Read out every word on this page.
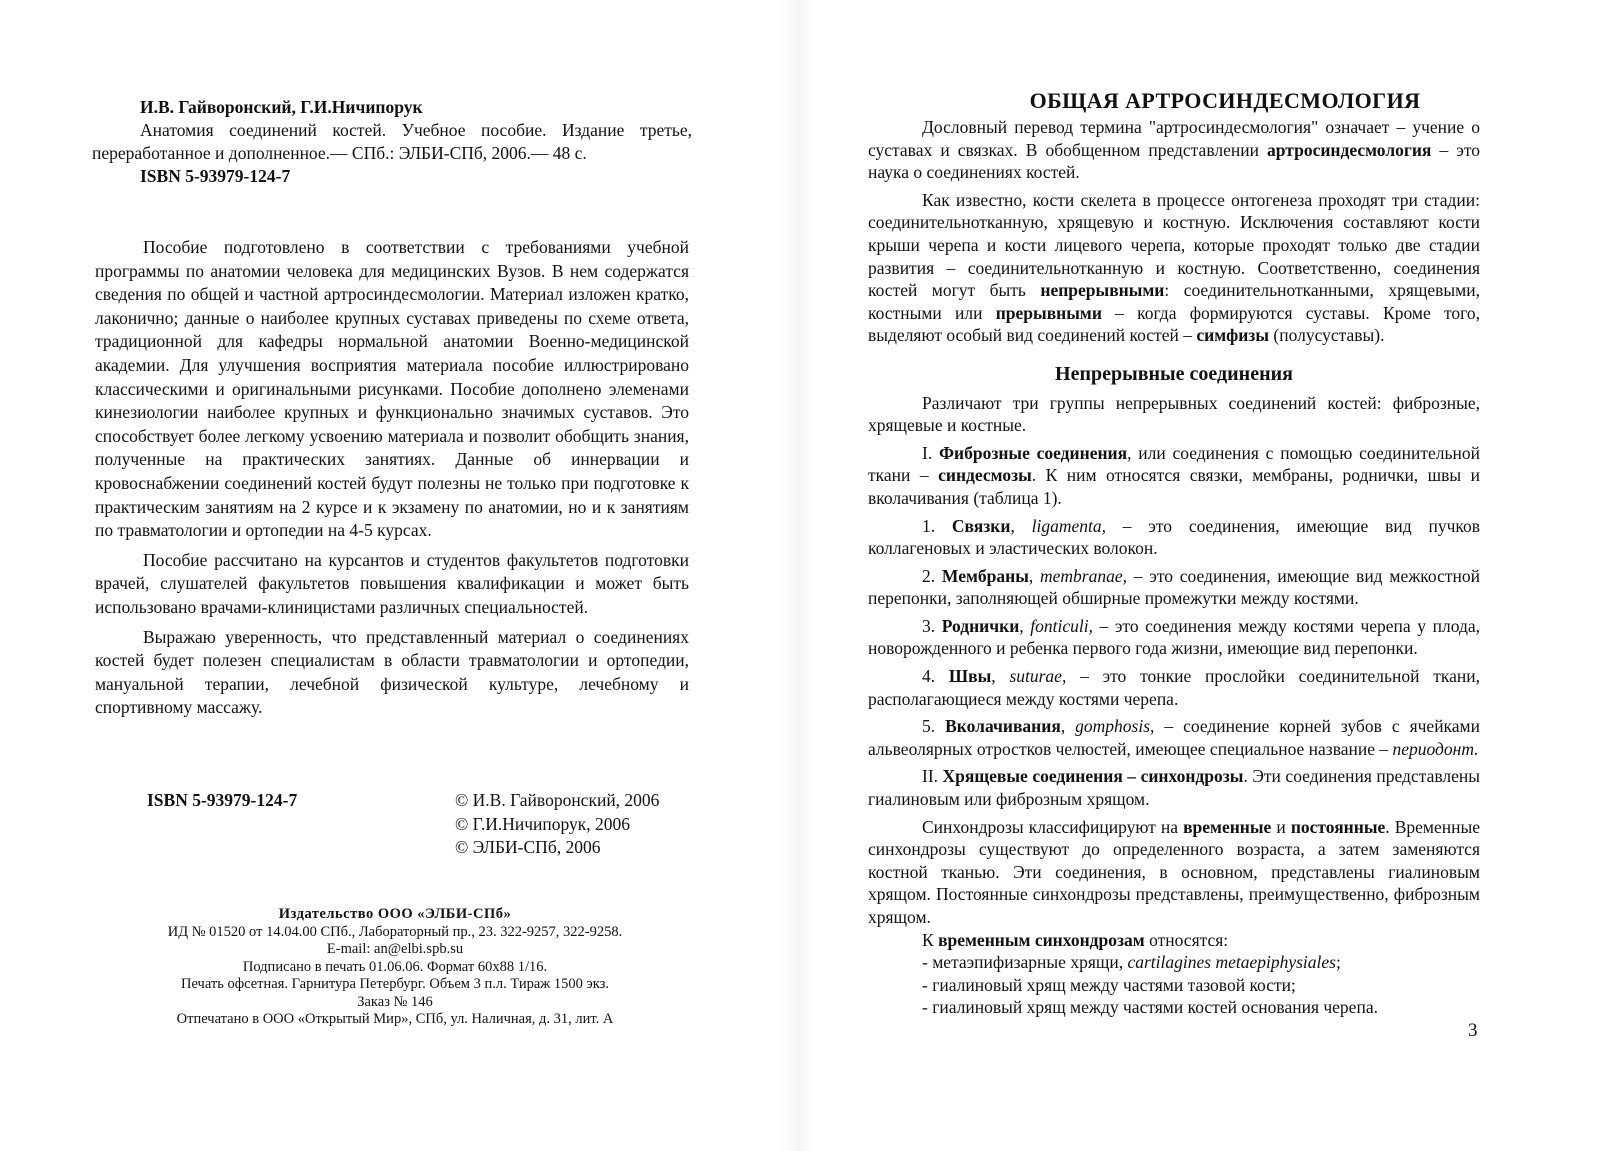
И.В. Гайворонский, Г.И.Ничипорук
Анатомия соединений костей. Учебное пособие. Издание третье, переработанное и дополненное.— СПб.: ЭЛБИ-СПб, 2006.— 48 с.
ISBN 5-93979-124-7

Пособие подготовлено в соответствии с требованиями учебной программы по анатомии человека для медицинских Вузов. В нем содержатся сведения по общей и частной артросиндесмологии. Материал изложен кратко, лаконично; данные о наиболее крупных суставах приведены по схеме ответа, традиционной для кафедры нормальной анатомии Военно-медицинской академии. Для улучшения восприятия материала пособие иллюстрировано классическими и оригинальными рисунками. Пособие дополнено элеменами кинезиологии наиболее крупных и функционально значимых суставов. Это способствует более легкому усвоению материала и позволит обобщить знания, полученные на практических занятиях. Данные об иннервации и кровоснабжении соединений костей будут полезны не только при подготовке к практическим занятиям на 2 курсе и к экзамену по анатомии, но и к занятиям по травматологии и ортопедии на 4-5 курсах.

Пособие рассчитано на курсантов и студентов факультетов подготовки врачей, слушателей факультетов повышения квалификации и может быть использовано врачами-клиницистами различных специальностей.

Выражаю уверенность, что представленный материал о соединениях костей будет полезен специалистам в области травматологии и ортопедии, мануальной терапии, лечебной физической культуре, лечебному и спортивному массажу.

ISBN 5-93979-124-7	© И.В. Гайворонский, 2006
© Г.И.Ничипорук, 2006
© ЭЛБИ-СПб, 2006
Издательство ООО «ЭЛБИ-СПб»
ИД № 01520 от 14.04.00 СПб., Лабораторный пр., 23. 322-9257, 322-9258.
E-mail: an@elbi.spb.su
Подписано в печать 01.06.06. Формат 60х88 1/16.
Печать офсетная. Гарнитура Петербург. Объем 3 п.л. Тираж 1500 экз.
Заказ № 146
Отпечатано в ООО «Открытый Мир», СПб, ул. Наличная, д. 31, лит. А
ОБЩАЯ АРТРОСИНДЕСМОЛОГИЯ

Дословный перевод термина "артросиндесмология" означает – учение о суставах и связках. В обобщенном представлении артросиндесмология – это наука о соединениях костей.

Как известно, кости скелета в процессе онтогенеза проходят три стадии: соединительнотканную, хрящевую и костную. Исключения составляют кости крыши черепа и кости лицевого черепа, которые проходят только две стадии развития – соединительнотканную и костную. Соответственно, соединения костей могут быть непрерывными: соединительнотканными, хрящевыми, костными или прерывными – когда формируются суставы. Кроме того, выделяют особый вид соединений костей – симфизы (полусуставы).

Непрерывные соединения

Различают три группы непрерывных соединений костей: фиброзные, хрящевые и костные.

I. Фиброзные соединения, или соединения с помощью соединительной ткани – синдесмозы. К ним относятся связки, мембраны, роднички, швы и вколачивания (таблица 1).

1. Связки, ligamenta, – это соединения, имеющие вид пучков коллагеновых и эластических волокон.

2. Мембраны, membranae, – это соединения, имеющие вид межкостной перепонки, заполняющей обширные промежутки между костями.

3. Роднички, fonticuli, – это соединения между костями черепа у плода, новорожденного и ребенка первого года жизни, имеющие вид перепонки.

4. Швы, suturae, – это тонкие прослойки соединительной ткани, располагающиеся между костями черепа.

5. Вколачивания, gomphosis, – соединение корней зубов с ячейками альвеолярных отростков челюстей, имеющее специальное название – периодонт.

II. Хрящевые соединения – синхондрозы. Эти соединения представлены гиалиновым или фиброзным хрящом.

Синхондрозы классифицируют на временные и постоянные. Временные синхондрозы существуют до определенного возраста, а затем заменяются костной тканью. Эти соединения, в основном, представлены гиалиновым хрящом. Постоянные синхондрозы представлены, преимущественно, фиброзным хрящом.

К временным синхондрозам относятся:

- метаэпифизарные хрящи, cartilagines metaepiphysiales;

- гиалиновый хрящ между частями тазовой кости;

- гиалиновый хрящ между частями костей основания черепа.

3
